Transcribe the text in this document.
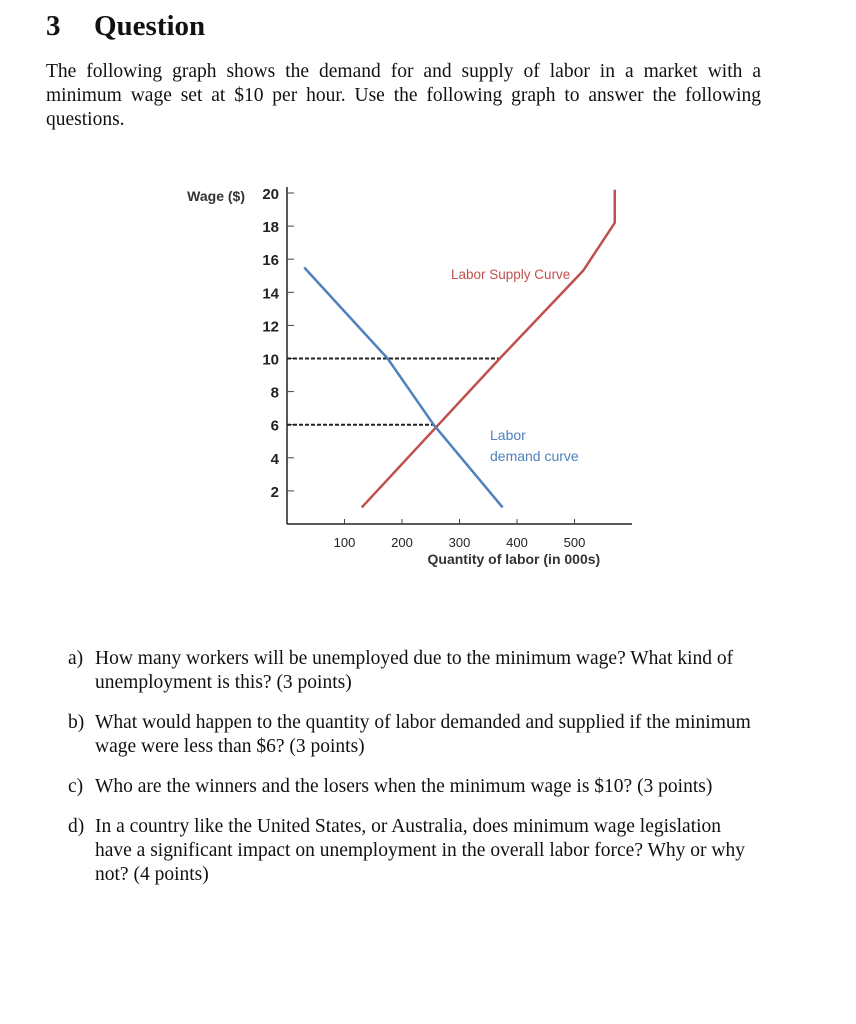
3 Question

The following graph shows the demand for and supply of labor in a market with a minimum wage set at $10 per hour. Use the following graph to answer the following questions.

2
4
6
8
10
12
14
16
18
20
100	200	300	400	500
Wage ($)
Quantity of labor (in 000s)
Labor Supply Curve
Labor
demand curve
a) How many workers will be unemployed due to the minimum wage? What kind of unemployment is this? (3 points)
b) What would happen to the quantity of labor demanded and supplied if the minimum wage were less than $6? (3 points)
c) Who are the winners and the losers when the minimum wage is $10? (3 points)
d) In a country like the United States, or Australia, does minimum wage legislation have a significant impact on unemployment in the overall labor force? Why or why not? (4 points)
